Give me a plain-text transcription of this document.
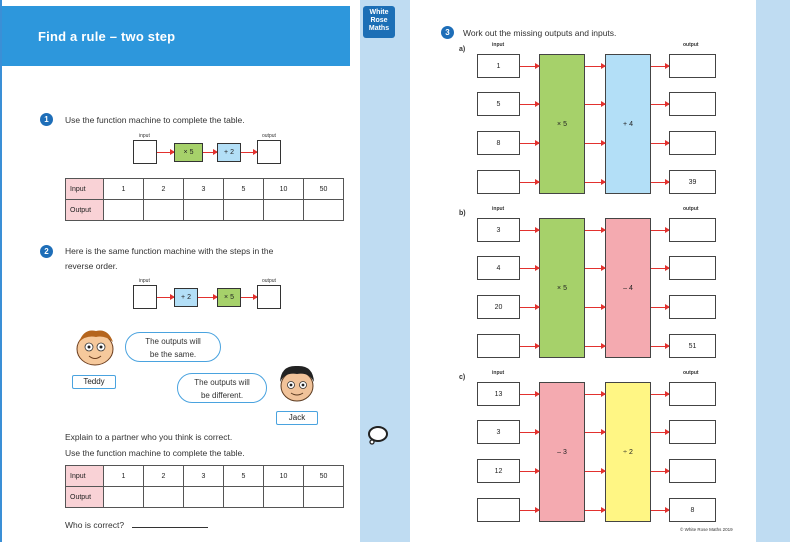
Find a rule – two step
White
Rose
Maths
1	Use the function machine to complete the table.
input	output
× 5	+ 2
Input	1	2	3	5	10	50
Output						
2	Here is the same function machine with the steps in the
reverse order.
input	output
+ 2	× 5
The outputs will
be the same.
Teddy	The outputs will
be different.
Jack
Explain to a partner who you think is correct.
Use the function machine to complete the table.
Input	1	2	3	5	10	50
Output						
Who is correct?
3	Work out the missing outputs and inputs.
© White Rose Maths 2019
a)
input	output
× 5	+ 4
1
5
8
39
b)
input	output
× 5	– 4
3
4
20
51
c)
input	output
– 3	÷ 2
13
3
12
8
